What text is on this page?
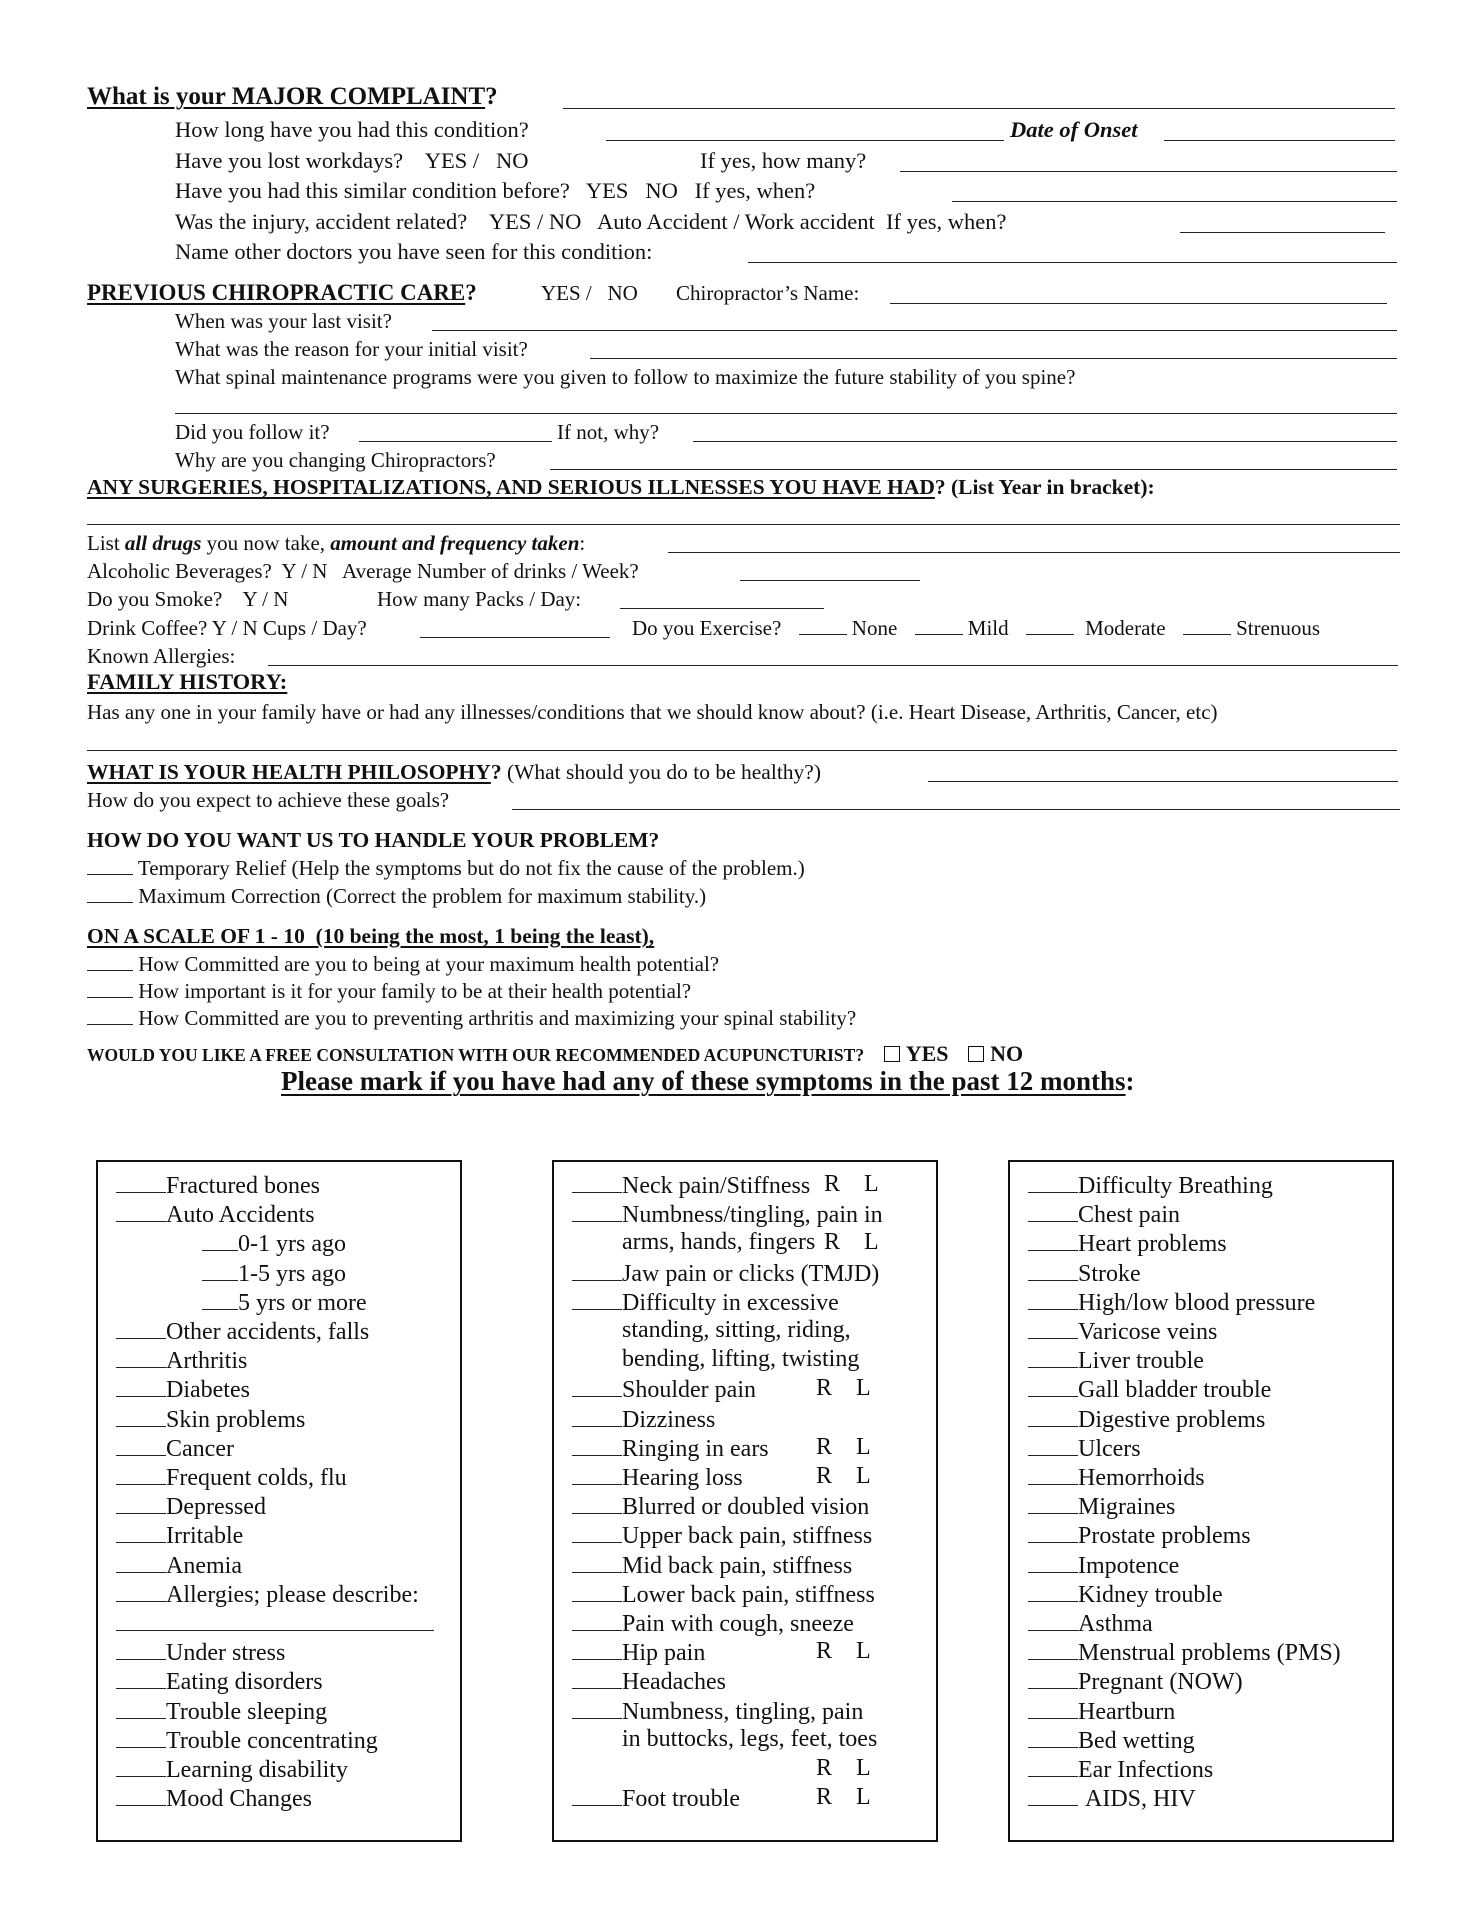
What is your MAJOR COMPLAINT?
How long have you had this condition?	Date of Onset
Have you lost workdays?    YES /   NO	If yes, how many?
Have you had this similar condition before?   YES   NO   If yes, when?
Was the injury, accident related?    YES / NO   Auto Accident / Work accident  If yes, when?
Name other doctors you have seen for this condition:
PREVIOUS CHIROPRACTIC CARE?	YES /   NO Chiropractor’s Name:
When was your last visit?
What was the reason for your initial visit?
What spinal maintenance programs were you given to follow to maximize the future stability of you spine?
Did you follow it?	If not, why?
Why are you changing Chiropractors?
ANY SURGERIES, HOSPITALIZATIONS, AND SERIOUS ILLNESSES YOU HAVE HAD? (List Year in bracket):
List all drugs you now take, amount and frequency taken:
Alcoholic Beverages?  Y / N   Average Number of drinks / Week?
Do you Smoke?    Y / N	How many Packs / Day:
Drink Coffee? Y / N Cups / Day?	Do you Exercise?	None	Mild	Moderate	Strenuous
Known Allergies:
FAMILY HISTORY:
Has any one in your family have or had any illnesses/conditions that we should know about? (i.e. Heart Disease, Arthritis, Cancer, etc)
WHAT IS YOUR HEALTH PHILOSOPHY? (What should you do to be healthy?)
How do you expect to achieve these goals?
HOW DO YOU WANT US TO HANDLE YOUR PROBLEM?
Temporary Relief (Help the symptoms but do not fix the cause of the problem.)
Maximum Correction (Correct the problem for maximum stability.)
ON A SCALE OF 1 - 10  (10 being the most, 1 being the least),
How Committed are you to being at your maximum health potential?
How important is it for your family to be at their health potential?
How Committed are you to preventing arthritis and maximizing your spinal stability?
WOULD YOU LIKE A FREE CONSULTATION WITH OUR RECOMMENDED ACUPUNCTURIST? YES NO
Please mark if you have had any of these symptoms in the past 12 months:
Fractured bones
Auto Accidents
0-1 yrs ago
1-5 yrs ago
5 yrs or more
Other accidents, falls
Arthritis
Diabetes
Skin problems
Cancer
Frequent colds, flu
Depressed
Irritable
Anemia
Allergies; please describe:
Under stress
Eating disorders
Trouble sleeping
Trouble concentrating
Learning disability
Mood Changes
Neck pain/Stiffness R    L
Numbness/tingling, pain in
arms, hands, fingers R    L
Jaw pain or clicks (TMJD)
Difficulty in excessive
standing, sitting, riding,
bending, lifting, twisting
Shoulder pain	R    L
Dizziness
Ringing in ears R    L
Hearing loss	R    L
Blurred or doubled vision
Upper back pain, stiffness
Mid back pain, stiffness
Lower back pain, stiffness
Pain with cough, sneeze
Hip pain	R    L
Headaches
Numbness, tingling, pain
in buttocks, legs, feet, toes
R    L
Foot trouble	R    L
Difficulty Breathing
Chest pain
Heart problems
Stroke
High/low blood pressure
Varicose veins
Liver trouble
Gall bladder trouble
Digestive problems
Ulcers
Hemorrhoids
Migraines
Prostate problems
Impotence
Kidney trouble
Asthma
Menstrual problems (PMS)
Pregnant (NOW)
Heartburn
Bed wetting
Ear Infections
AIDS, HIV
